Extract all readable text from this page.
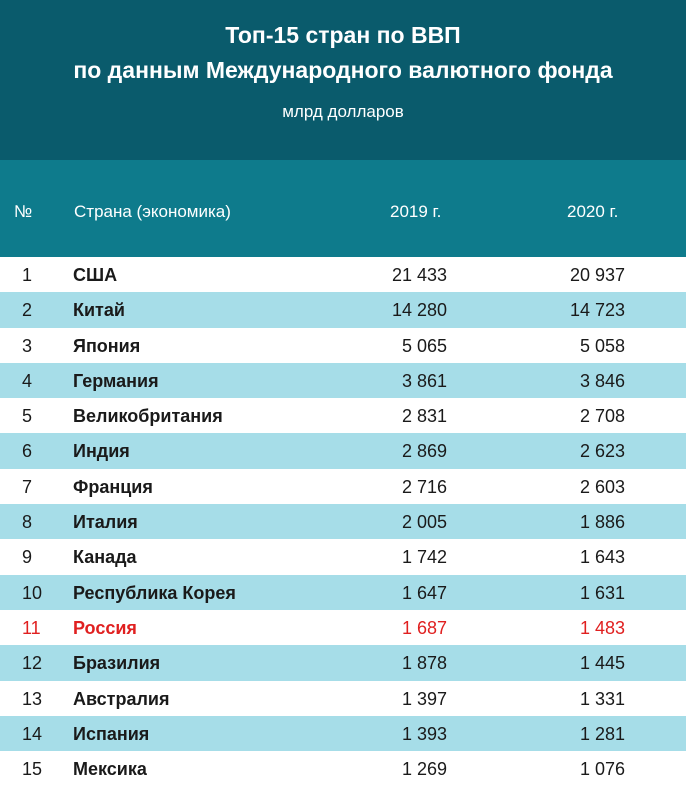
Топ-15 стран по ВВП
по данным Международного валютного фонда
млрд долларов
№ Страна (экономика)	2019 г.	2020 г.
1 США	21 433	20 937
2 Китай	14 280	14 723
3 Япония	5 065	5 058
4 Германия	3 861	3 846
5 Великобритания	2 831	2 708
6 Индия	2 869	2 623
7 Франция	2 716	2 603
8 Италия	2 005	1 886
9 Канада	1 742	1 643
10 Республика Корея	1 647	1 631
11 Россия	1 687	1 483
12 Бразилия	1 878	1 445
13 Австралия	1 397	1 331
14 Испания	1 393	1 281
15 Мексика	1 269	1 076
